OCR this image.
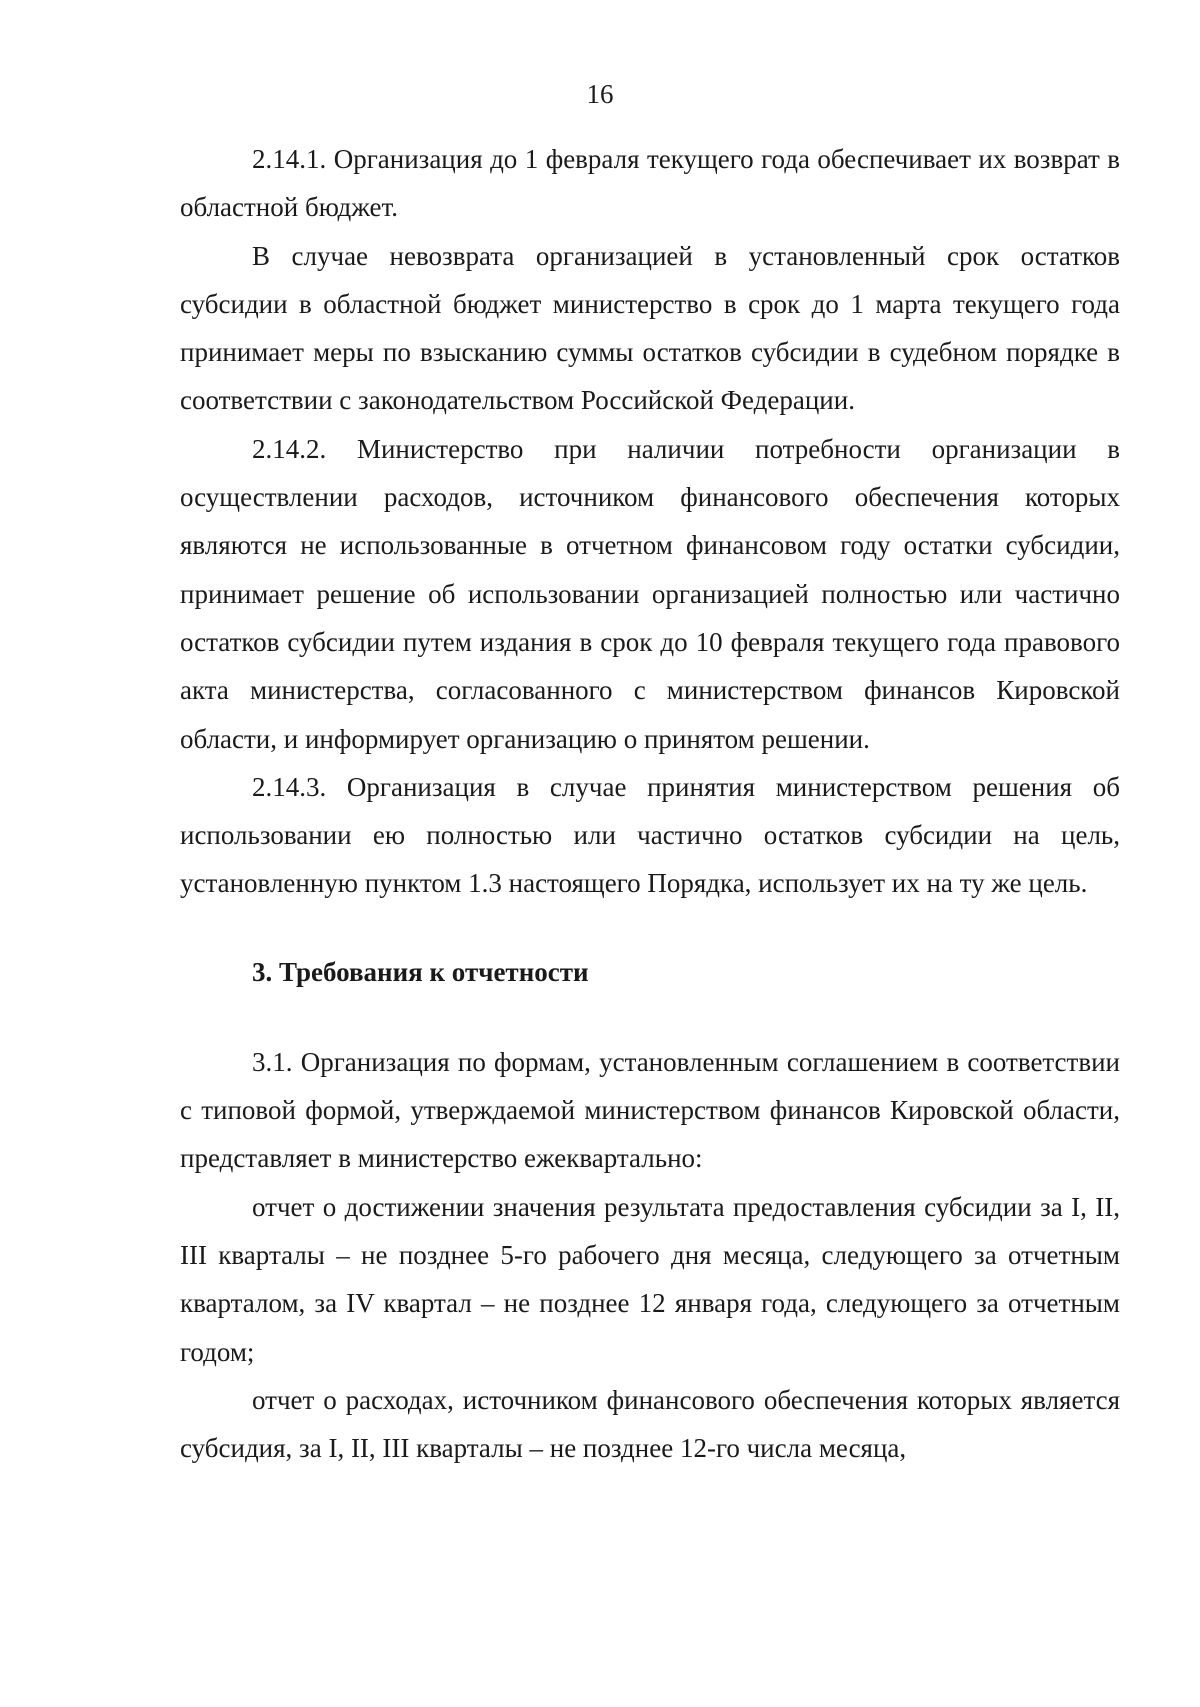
16

2.14.1. Организация до 1 февраля текущего года обеспечивает их возврат в областной бюджет.

В случае невозврата организацией в установленный срок остатков субсидии в областной бюджет министерство в срок до 1 марта текущего года принимает меры по взысканию суммы остатков субсидии в судебном порядке в соответствии с законодательством Российской Федерации.

2.14.2. Министерство при наличии потребности организации в осуществлении расходов, источником финансового обеспечения которых являются не использованные в отчетном финансовом году остатки субсидии, принимает решение об использовании организацией полностью или частично остатков субсидии путем издания в срок до 10 февраля текущего года правового акта министерства, согласованного с министерством финансов Кировской области, и информирует организацию о принятом решении.

2.14.3. Организация в случае принятия министерством решения об использовании ею полностью или частично остатков субсидии на цель, установленную пунктом 1.3 настоящего Порядка, использует их на ту же цель.

3. Требования к отчетности

3.1. Организация по формам, установленным соглашением в соответствии с типовой формой, утверждаемой министерством финансов Кировской области, представляет в министерство ежеквартально:

отчет о достижении значения результата предоставления субсидии за I, II, III кварталы – не позднее 5-го рабочего дня месяца, следующего за отчетным кварталом, за IV квартал – не позднее 12 января года, следующего за отчетным годом;

отчет о расходах, источником финансового обеспечения которых является субсидия, за I, II, III кварталы – не позднее 12-го числа месяца,
